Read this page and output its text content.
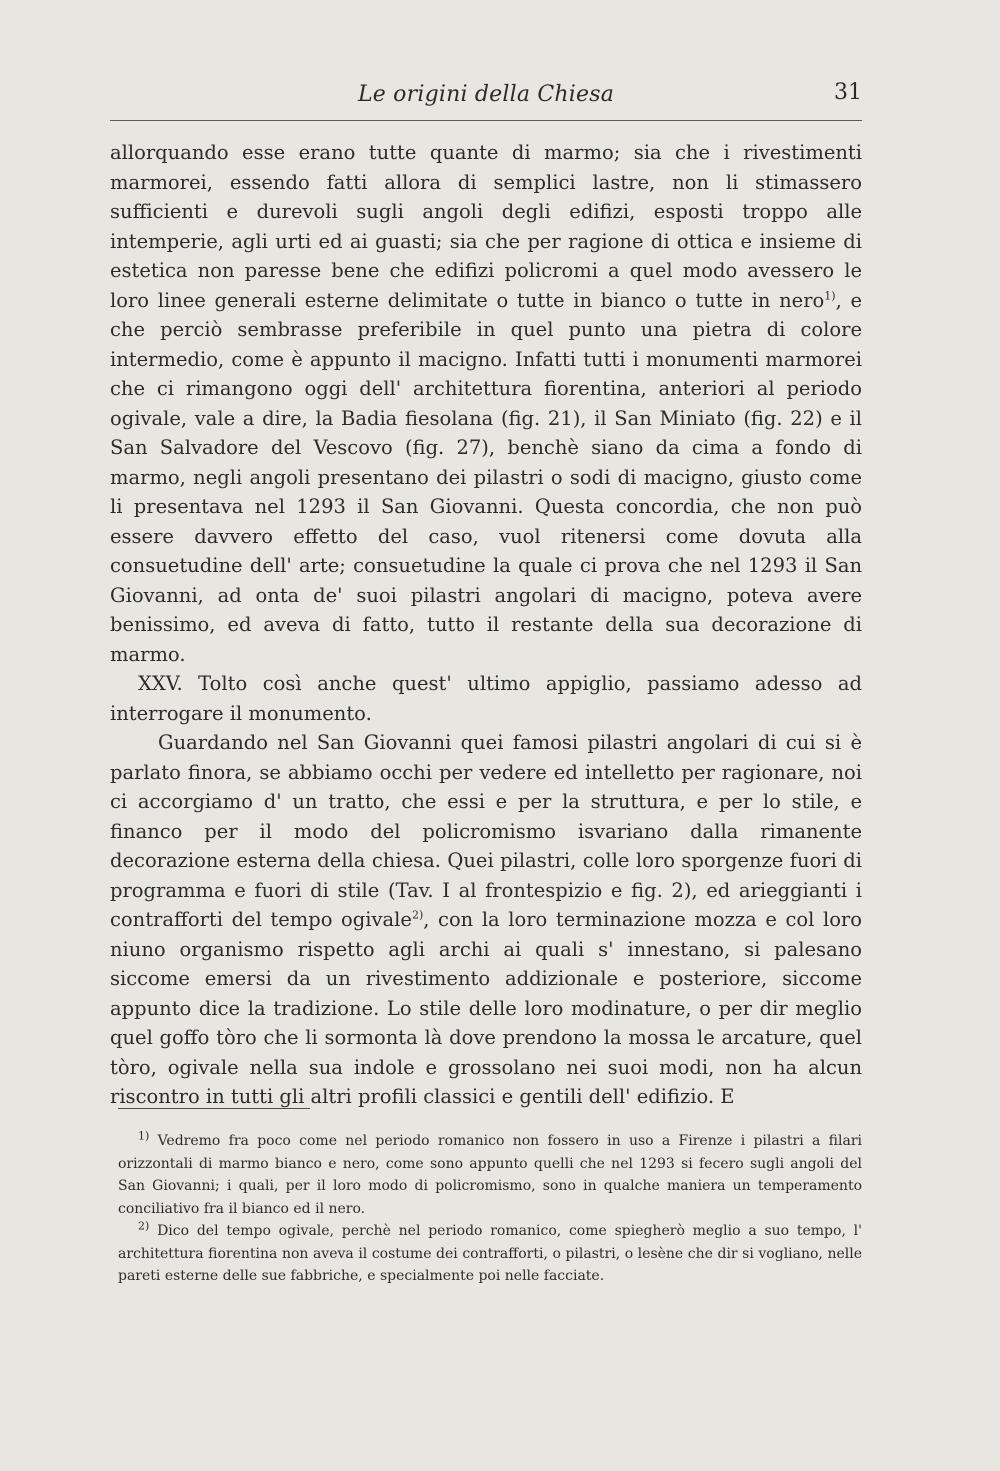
Le origini della Chiesa	31

allorquando esse erano tutte quante di marmo; sia che i rivestimenti marmorei, essendo fatti allora di semplici lastre, non li stimassero sufficienti e durevoli sugli angoli degli edifizi, esposti troppo alle intemperie, agli urti ed ai guasti; sia che per ragione di ottica e insieme di estetica non paresse bene che edifizi policromi a quel modo avessero le loro linee generali esterne delimitate o tutte in bianco o tutte in nero$^{1)}$, e che perciò sembrasse preferibile in quel punto una pietra di colore intermedio, come è appunto il macigno. Infatti tutti i monumenti marmorei che ci rimangono oggi dell' architettura fiorentina, anteriori al periodo ogivale, vale a dire, la Badia fiesolana (fig. 21), il San Miniato (fig. 22) e il San Salvadore del Vescovo (fig. 27), benchè siano da cima a fondo di marmo, negli angoli presentano dei pilastri o sodi di macigno, giusto come li presentava nel 1293 il San Giovanni. Questa concordia, che non può essere davvero effetto del caso, vuol ritenersi come dovuta alla consuetudine dell' arte; consuetudine la quale ci prova che nel 1293 il San Giovanni, ad onta de' suoi pilastri angolari di macigno, poteva avere benissimo, ed aveva di fatto, tutto il restante della sua decorazione di marmo.

XXV. Tolto così anche quest' ultimo appiglio, passiamo adesso ad interrogare il monumento.

Guardando nel San Giovanni quei famosi pilastri angolari di cui si è parlato finora, se abbiamo occhi per vedere ed intelletto per ragionare, noi ci accorgiamo d' un tratto, che essi e per la struttura, e per lo stile, e financo per il modo del policromismo isvariano dalla rimanente decorazione esterna della chiesa. Quei pilastri, colle loro sporgenze fuori di programma e fuori di stile (Tav. I al frontespizio e fig. 2), ed arieggianti i contrafforti del tempo ogivale$^{2)}$, con la loro terminazione mozza e col loro niuno organismo rispetto agli archi ai quali s' innestano, si palesano siccome emersi da un rivestimento addizionale e posteriore, siccome appunto dice la tradizione. Lo stile delle loro modinature, o per dir meglio quel goffo tòro che li sormonta là dove prendono la mossa le arcature, quel tòro, ogivale nella sua indole e grossolano nei suoi modi, non ha alcun riscontro in tutti gli altri profili classici e gentili dell' edifizio. E

$^{1)}$ Vedremo fra poco come nel periodo romanico non fossero in uso a Firenze i pilastri a filari orizzontali di marmo bianco e nero, come sono appunto quelli che nel 1293 si fecero sugli angoli del San Giovanni; i quali, per il loro modo di policromismo, sono in qualche maniera un temperamento conciliativo fra il bianco ed il nero.

$^{2)}$ Dico del tempo ogivale, perchè nel periodo romanico, come spiegherò meglio a suo tempo, l' architettura fiorentina non aveva il costume dei contrafforti, o pilastri, o lesène che dir si vogliano, nelle pareti esterne delle sue fabbriche, e specialmente poi nelle facciate.
